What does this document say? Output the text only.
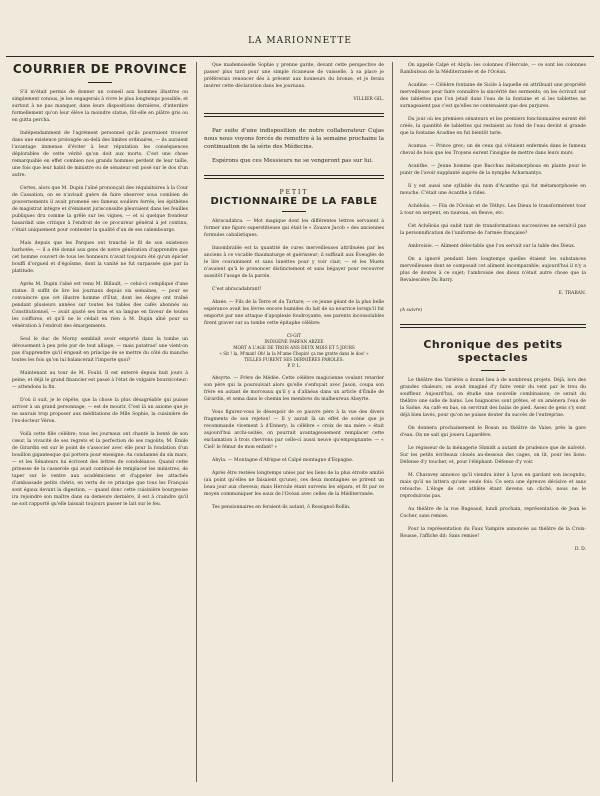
LA MARIONNETTE
COURRIER DE PROVINCE

S'il m'était permis de donner un conseil aux hommes illustres ou simplement connus, je les engagerais à vivre le plus longtemps possible, et surtout à ne pas manquer, dans leurs dispositions dernières, d'interdire formellement qu'on leur élève la moindre statue, fût-elle en plâtre gris ou en gutta percha.

Indépendamment de l'agrément personnel qu'ils pourraient trouver dans une existence prolongée au-delà des limites ordinaires, — ils auraient l'avantage immense d'éviter à leur réputation les conséquences déplorables de cette vérité qu'on doit aux morts. C'est une chose remarquable en effet combien nos grands hommes perdent de leur taille, une fois que leur habit de ministre ou de sénateur est posé sur le dos d'un autre.

Certes, alors que M. Dupin l'aîné prononçait des réquisitoires à la Cour de Cassation, on se n'avisait guère de faire observer sous combien de gouvernements il avait promené ses fameux souliers ferrés; les épithètes de magistrat intègre et d'éminent jurisconsulte pleuvaient dans les feuilles publiques dru comme la grêle sur les vignes, — et si quelque frondeur hasardait une critique à l'endroit de ce procureur général à jet continu, c'était uniquement pour contester la qualité d'un de ses calembourgs.

Mais depuis que les Parques ont tranché le fil de son existence barbotée, — il a été donné aux gens de notre génération d'apprendre que cet homme couvert de tous les honneurs n'avait toujours été qu'un épicier bouffi d'orgueil et d'égoïsme, dont la vanité ne fut surpassée que par la platitude.

Après M. Dupin l'aîné est venu M. Billault, — celui-ci compliqué d'une statue. Il suffit de lire les journaux depuis six semaines, — pour se convaincre que cet illustre homme d'État, dont les éloges ont traîné pendant plusieurs années sur toutes les tables des cafés abonnés au Constitutionnel, — avait ajusté ses bras et sa langue en faveur de toutes les coiffures, et qu'il ne le cédait en rien à M. Dupin aîné pour sa vénération à l'endroit des émargements.

Seul le duc de Morny semblait avoir emporté dans la tombe un dévouement à peu près pur de tout alliage, — mais patatras! une vient-on pas d'apprendre qu'il érigeait en principe de se mettre du côté du manche toutes les fois qu'on lui balancerait l'importe quoi?

Maintenant au tour de M. Fould. Il est enterré depuis huit jours à peine, et déjà le grand financier est passé à l'état de vulgaire boursicoteur: — attendons la fin.

D'où il suit, je le répète, que la chose la plus désagréable qui puisse arriver à un grand personnage, — est de mourir. C'est là un axiome que je ne saurais trop proposer aux méditations de Mlle Sophie, la cuisinière de l'ex-docteur Véron.

Voilà cette fille célèbre; tous les journaux ont chanté la bonté de son cœur, la vivacité de ses regrets et la perfection de ses ragoûts; M. Émile de Girardin est sur le point de s'associer avec elle pour la fondation d'un bouillon gigantesque qui portera pour enseigne: Au condamné du six mars, — et les Sénateurs lui écrivent des lettres de condoléance. Quand cette prinesse de la casserole qui avait continué de remplacer les ministres, de taper sur le ventre aux académiciens et d'appeler les attachés d'ambassade petits chéris, en vertu de ce principe que tous les Français sont égaux devant la digestion, — quand donc cette cuisinière bourgeoise ira rejoindre son maître dans sa demeure dernière, il est à craindre qu'il ne soit rapporté qu'elle laissait toujours passer le lait sur le feu.

Que mademoiselle Sophie y prenne garde, devant cette perspective de passer plus tard pour une simple ricaneuse de vaisselle, à sa place je préférerais renoncer dès à présent aux honneurs du bronze, et je ferais insérer cette déclaration dans les journaux.

VILLIER GIL.

Par suite d'une indisposition de notre collaborateur Cujas nous nous voyons forcés de remettre à la semaine prochaine la continuation de la série des Médecins.

Espérons que ces Messieurs ne se vengeront pas sur lui.

PETIT
DICTIONNAIRE DE LA FABLE

Abracadabra. — Mot magique dont les différentes lettres servaient à former une figure superstitieuse qui était le « Zouave Jacob » des anciennes formules cabalistiques.

Innombrable est la quantité de cures merveilleuses attribuées par les anciens à ce vocable thaumaturge et guérisseur; il suffisait aux Éveuglés de le lire couramment et sans lunettes pour y voir clair, — et les Muets n'avaient qu'à le prononcer distinctement et sans bégayer pour recouvrer aussitôt l'usage de la parole.

C'est abracadabrant!

Abzée. — Fils de la Terre et du Tartare; — ce jeune géant de la plus belle espérance avait les lèvres encore humides du lait de sa nourrice lorsqu'il fut emporté par une attaque d'apoplexie foudroyante, ses parents inconsolables firent graver sur sa tombe cette épitaphe célèbre:

CI-GIT
INDIGENE FARFAN ABZEE
MORT A L'AGE DE TROIS ANS DEUX MOIS ET 5 JOURS
« Sit ! la, M'man! Oh! la la M'ame Chopin! ça me gratte dans le dos! »
TELLES FURENT SES DERNIÈRES PAROLES.
P. P. L.

Absyrte. — Frère de Médée. Cette célèbre magicienne voulant retarder son père qui la poursuivait alors qu'elle s'enfuyait avec Jason, coupa son frère en autant de morceaux qu'il y a d'alinéas dans un article d'Émile de Girardin, et sema dans le chemin les membres du malheureux Absyrte.

Vous figurez-vous le désespoir de ce pauvre père à la vue des divers fragments de son rejeton! — Il y aurait là un effet de scène que je recommande vivement à d'Ennery; la célèbre « croix de ma mère » était aujourd'hui archi-usitée, on pourrait avantageusement remplacer cette exclamation à trois chevrons par celle-ci aussi neuve qu'empoignante: — « Ciel! le fémur de mon enfant! »

Abyla. — Montagne d'Afrique et Calpé montagne d'Espagne.

Après être restées longtemps unies par les liens de la plus étroite amitié (au point qu'elles ne faisaient qu'une), ces deux montagnes se prirent un beau jour aux cheveux; mais Hercule étant survenu les sépara, et fit par ce moyen communiquer les eaux de l'Océan avec celles de la Méditerranée.

Tes pensionnaires en feraient-ils autant, ô Rossignol-Rollin.

On appelle Calpé et Abyla: les colonnes d'Hercule, — ce sont les colonnes Rambuteau de la Méditerranée et de l'Océan.

Acadine. — Célèbre fontaine de Sicile à laquelle on attribuait une propriété merveilleuse pour faire connaître la sincérité des serments; on les écrivait sur des tablettes que l'on jetait dans l'eau de la fontaine et si les tablettes ne surnageaient pas c'est qu'elles ne contenaient que des parjures.

Du jour où les premiers sénateurs et les premiers fonctionnaires eurent été créés, la quantité de tablettes qui restaient au fond de l'eau devint si grande que la fontaine Acadine en fut bientôt tarie.

Acamas. — Prince grec; un de ceux qui s'étaient enfermés dans le fameux cheval de bois que les Troyens eurent l'insigne de mettre dans leurs murs.

Acanthe. — Jeune homme que Bacchus métamorphosa en plante pour le punir de l'avoir supplanté auprès de la nymphe Acharnantys.

Il y est aussi une syllable du nom d'Acanthe qui fut métamorphosée en mouche. C'était une Acanthe à rides.

Achéloüs. — Fils de l'Océan et de Téthys. Les Dieux le transformèrent tour à tour en serpent, en taureau, en fleuve, etc.

Cet Achéloüs qui subit tant de transformations successives ne serait-il pas la personnification de l'uniforme de l'armée française?

Ambroisie. — Aliment délectable que l'on servait sur la table des Dieux.

On a ignoré pendant bien longtemps quelles étaient les substances merveilleuses dont se composait cet aliment incomparable; aujourd'hui il n'y a plus de doutes à ce sujet; l'ambroisie des dieux n'était autre chose que la Revalescière Du Barry.

E. TRABAN.
(A suivre)
Chronique des petits spectacles

Le théâtre des Variétés a donné lieu à de nombreux projets. Déjà, lors des grandes chaleurs, on avait imaginé d'y faire venir du vent par le trou du souffleur. Aujourd'hui, on étudie une nouvelle combinaison; ce serait du théâtre une salle de bains. Les baignoires sont prêtes, et on amènera l'eau de la Saône. Au café en bas, on servirait des bains de pied. Assez de gens s'y sont déjà bien lavés, pour qu'on ne puisse douter du succès de l'entreprise.

On donnera prochainement le Bosan au théâtre de Vaise, près la gare d'eau. On ne sait qui jouera Lapardère.

Le régisseur de la ménagerie Shmidt a autant de prudence que de naïveté. Sur les petits écriteaux cloués au-dessous des cages, on lit, pour les lions: Défense d'y toucher, et, pour l'éléphant: Défense d'y voir.

M. Charavey annonce qu'il viendra inter à Lyon en gardant son incognito, mais qu'il ne luttera qu'une seule fois. Ce sera une épreuve décisive et sans retouche. L'éloge de cet athlète étant devenu un cliché, nous ne le reproduirons pas.

Au théâtre de la rue Bugeaud, lundi prochain, représentation de Jean le Cocher, sans remise.

Pour la représentation du Faux Vampire annoncée au théâtre de la Croix-Rousse, l'affiche dit: Sans remise!

D. D.
